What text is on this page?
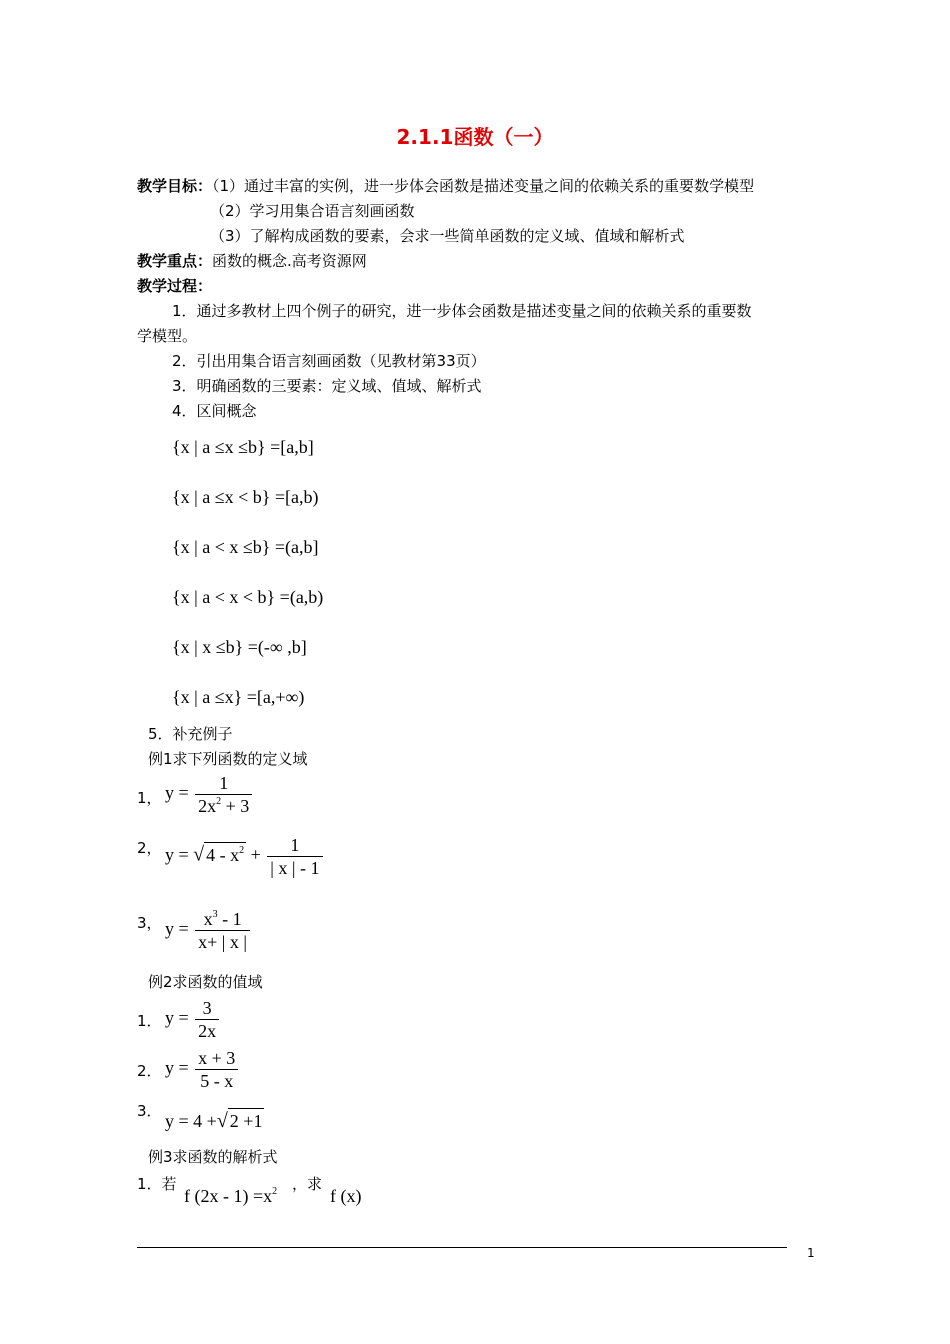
2.1.1函数（一）
教学目标：（1）通过丰富的实例，进一步体会函数是描述变量之间的依赖关系的重要数学模型
（2）学习用集合语言刻画函数
（3）了解构成函数的要素，会求一些简单函数的定义域、值域和解析式
教学重点：函数的概念.高考资源网
教学过程：
1．通过多教材上四个例子的研究，进一步体会函数是描述变量之间的依赖关系的重要数
学模型。
2．引出用集合语言刻画函数（见教材第33页）
3．明确函数的三要素：定义域、值域、解析式
4．区间概念
{x | a ≤x ≤b} =[a,b]
{x | a ≤x < b} =[a,b)
{x | a < x ≤b} =(a,b]
{x | a < x < b} =(a,b)
{x | x ≤b} =(-∞ ,b]
{x | a ≤x} =[a,+∞)
5．补充例子
例1求下列函数的定义域
1， $y = \frac{1}{2x^2 + 3}$
2， y = √ $4 - x^2 + \frac{1}{| x | - 1}$
3， $y = \frac{x^3 - 1}{x+ | x |}$
例2求函数的值域
1． $y = \frac{3}{2x}$
2． $y = \frac{x + 3}{5 - x}$
3． y = 4 +√ 2 +1
例3求函数的解析式
1．若
f $(2x - 1) =x^2$ ，求
f (x)
1
